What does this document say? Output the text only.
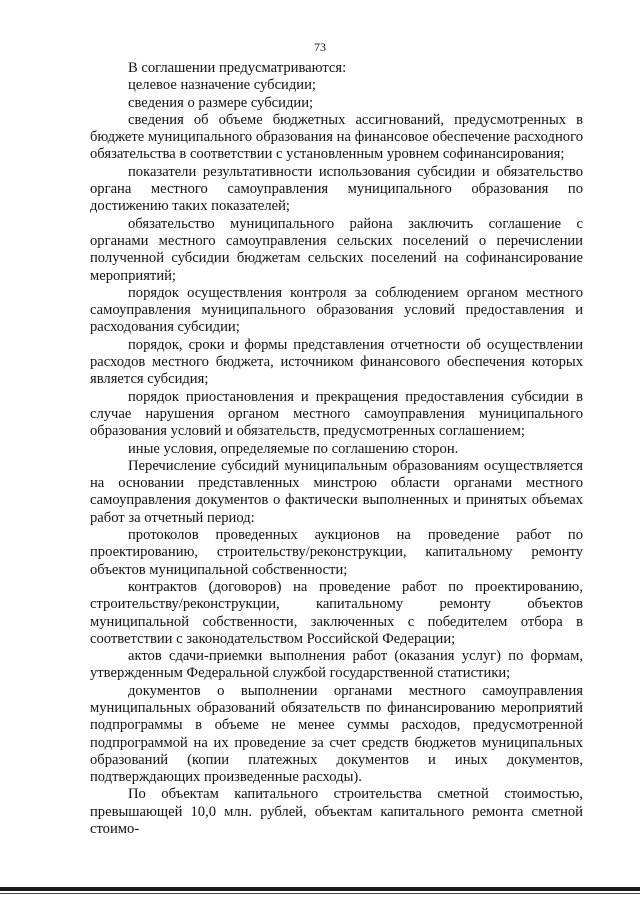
73

В соглашении предусматриваются:

целевое назначение субсидии;

сведения о размере субсидии;

сведения об объеме бюджетных ассигнований, предусмотренных в бюджете муниципального образования на финансовое обеспечение расходного обязательства в соответствии с установленным уровнем софинансирования;

показатели результативности использования субсидии и обязательство органа местного самоуправления муниципального образования по достижению таких показателей;

обязательство муниципального района заключить соглашение с органами местного самоуправления сельских поселений о перечислении полученной субсидии бюджетам сельских поселений на софинансирование мероприятий;

порядок осуществления контроля за соблюдением органом местного самоуправления муниципального образования условий предоставления и расходования субсидии;

порядок, сроки и формы представления отчетности об осуществлении расходов местного бюджета, источником финансового обеспечения которых является субсидия;

порядок приостановления и прекращения предоставления субсидии в случае нарушения органом местного самоуправления муниципального образования условий и обязательств, предусмотренных соглашением;

иные условия, определяемые по соглашению сторон.

Перечисление субсидий муниципальным образованиям осуществляется на основании представленных минстрою области органами местного самоуправления документов о фактически выполненных и принятых объемах работ за отчетный период:

протоколов проведенных аукционов на проведение работ по проектированию, строительству/реконструкции, капитальному ремонту объектов муниципальной собственности;

контрактов (договоров) на проведение работ по проектированию, строительству/реконструкции, капитальному ремонту объектов муниципальной собственности, заключенных с победителем отбора в соответствии с законодательством Российской Федерации;

актов сдачи-приемки выполнения работ (оказания услуг) по формам, утвержденным Федеральной службой государственной статистики;

документов о выполнении органами местного самоуправления муниципальных образований обязательств по финансированию мероприятий подпрограммы в объеме не менее суммы расходов, предусмотренной подпрограммой на их проведение за счет средств бюджетов муниципальных образований (копии платежных документов и иных документов, подтверждающих произведенные расходы).

По объектам капитального строительства сметной стоимостью, превышающей 10,0 млн. рублей, объектам капитального ремонта сметной стоимо-
